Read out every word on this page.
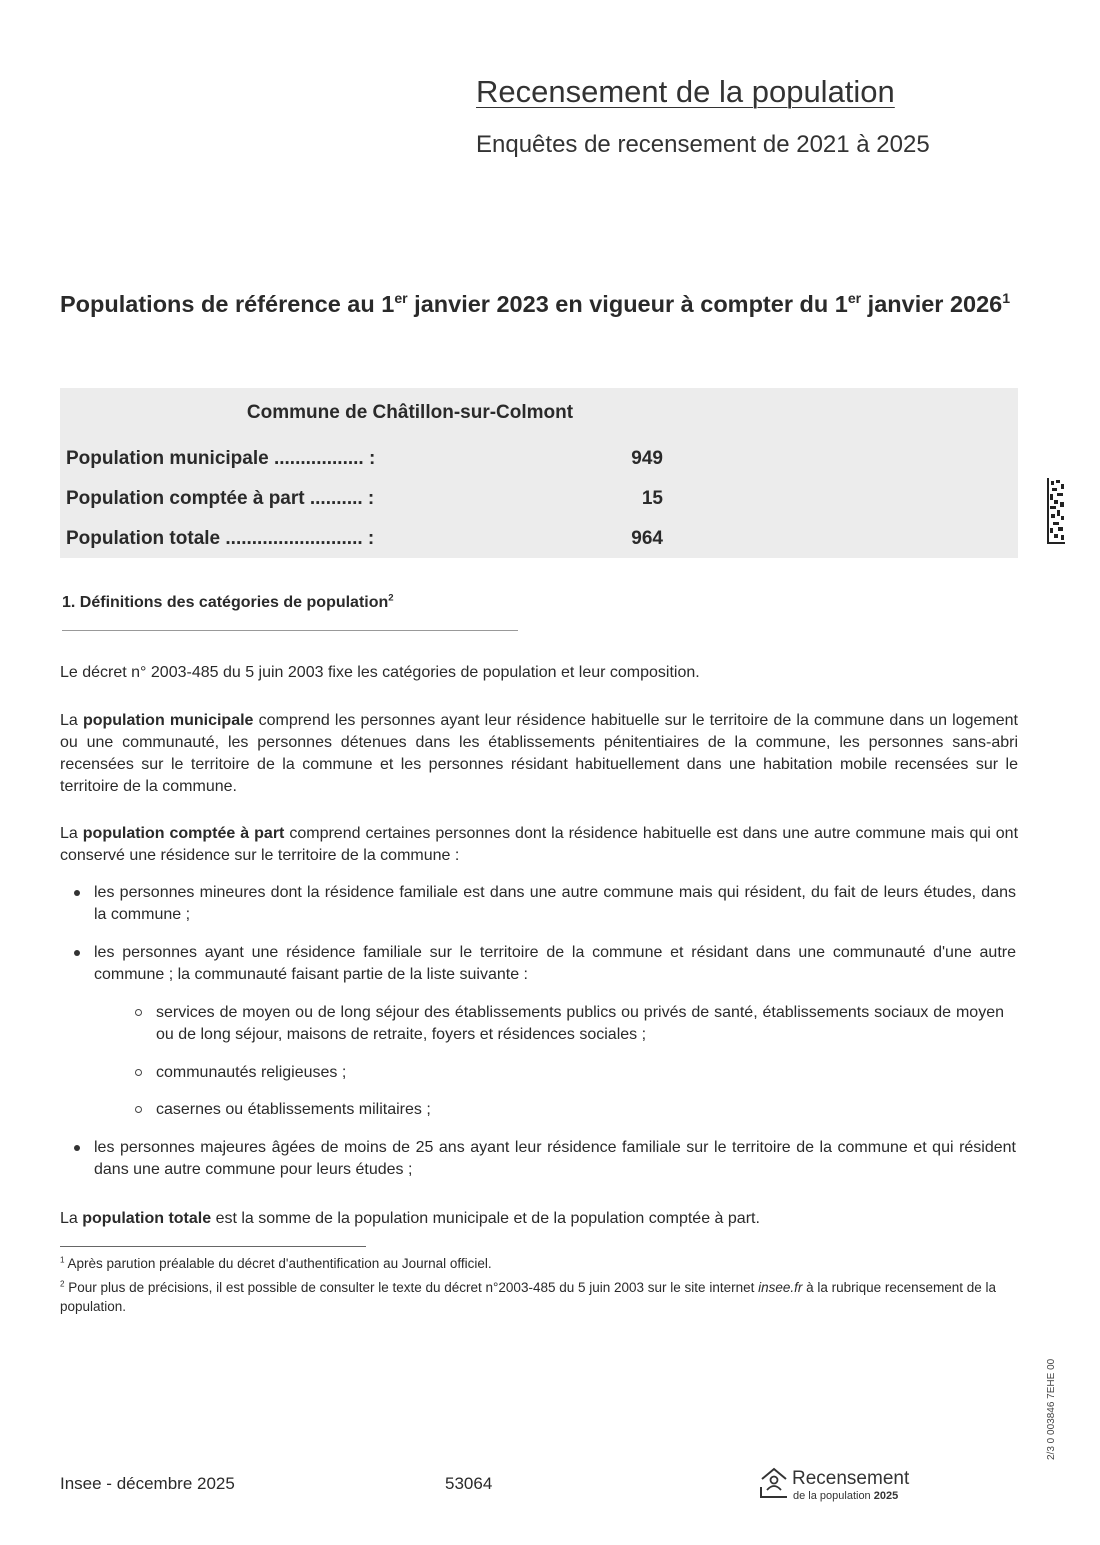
Recensement de la population
Enquêtes de recensement de 2021 à 2025
Populations de référence au 1er janvier 2023 en vigueur à compter du 1er janvier 2026$^1$
Commune de Châtillon-sur-Colmont
Population municipale ................. :	949
Population comptée à part .......... :	15
Population totale .......................... :	964
1. Définitions des catégories de population$^2$
Le décret n° 2003-485 du 5 juin 2003 fixe les catégories de population et leur composition.
La population municipale comprend les personnes ayant leur résidence habituelle sur le territoire de la commune dans un logement ou une communauté, les personnes détenues dans les établissements pénitentiaires de la commune, les personnes sans-abri recensées sur le territoire de la commune et les personnes résidant habituellement dans une habitation mobile recensées sur le territoire de la commune.
La population comptée à part comprend certaines personnes dont la résidence habituelle est dans une autre commune mais qui ont conservé une résidence sur le territoire de la commune :
les personnes mineures dont la résidence familiale est dans une autre commune mais qui résident, du fait de leurs études, dans la commune ;
les personnes ayant une résidence familiale sur le territoire de la commune et résidant dans une communauté d'une autre commune ; la communauté faisant partie de la liste suivante :
services de moyen ou de long séjour des établissements publics ou privés de santé, établissements sociaux de moyen ou de long séjour, maisons de retraite, foyers et résidences sociales ;
communautés religieuses ;
casernes ou établissements militaires ;
les personnes majeures âgées de moins de 25 ans ayant leur résidence familiale sur le territoire de la commune et qui résident dans une autre commune pour leurs études ;
La population totale est la somme de la population municipale et de la population comptée à part.
$^1$ Après parution préalable du décret d'authentification au Journal officiel.
$^2$ Pour plus de précisions, il est possible de consulter le texte du décret n°2003-485 du 5 juin 2003 sur le site internet insee.fr à la rubrique recensement de la population.
Insee - décembre 2025	53064	Recensement
de la population 2025
2/3 0 003846 7EHE 00
